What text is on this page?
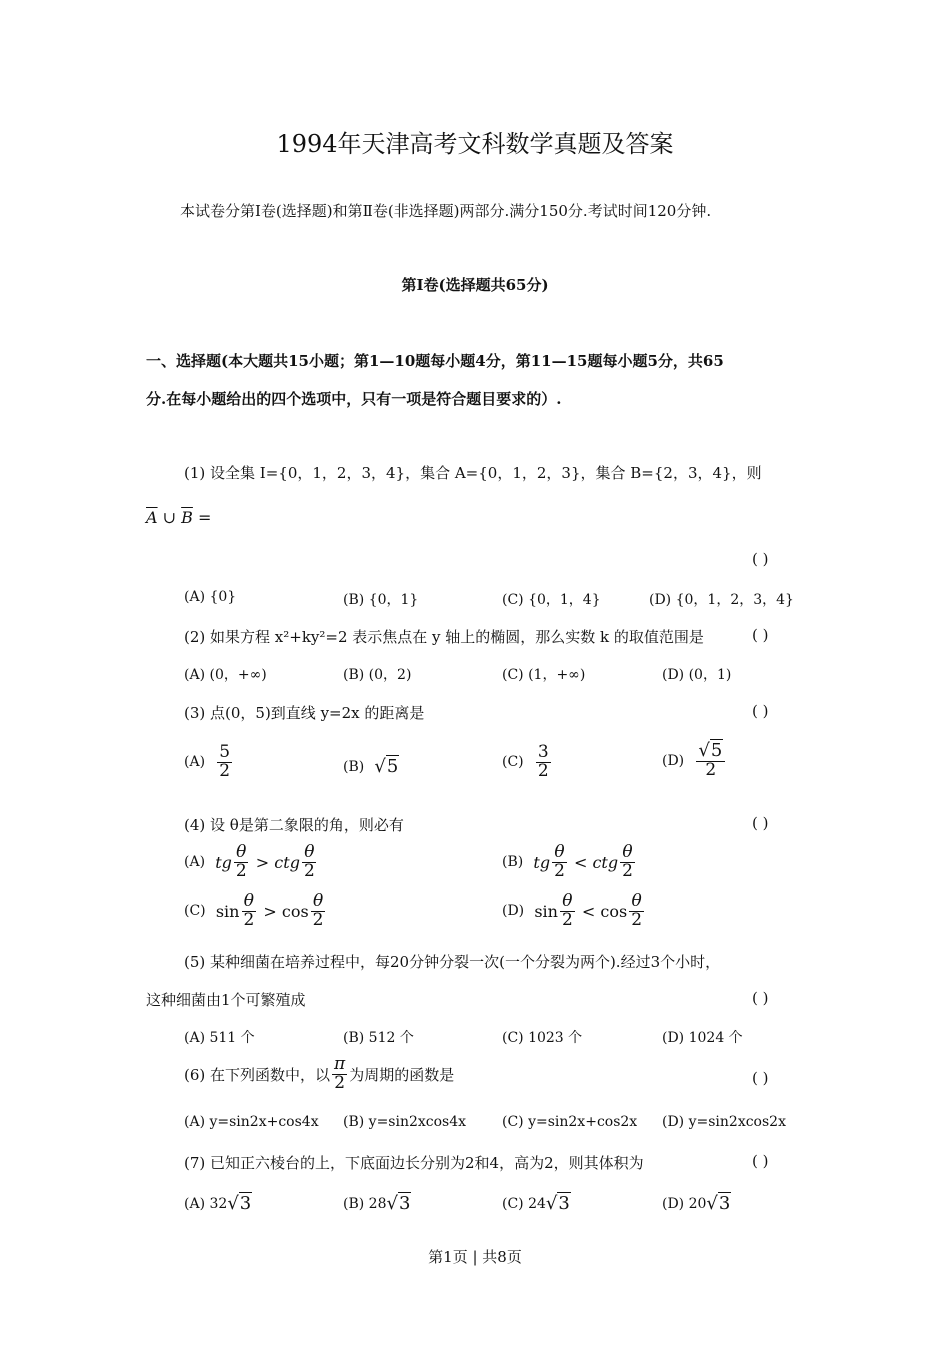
1994年天津高考文科数学真题及答案
本试卷分第Ⅰ卷(选择题)和第Ⅱ卷(非选择题)两部分.满分150分.考试时间120分钟.
第Ⅰ卷(选择题共65分)
一、选择题(本大题共15小题；第1—10题每小题4分，第11—15题每小题5分，共65
分.在每小题给出的四个选项中，只有一项是符合题目要求的）.
(1) 设全集 I={0，1，2，3，4}，集合 A={0，1，2，3}，集合 B={2，3，4}，则
$\overline{A}$ ∪ $\overline{B}$ =
( )
(A) {0}	(B) {0，1}	(C) {0，1，4}	(D) {0，1，2，3，4}
(2) 如果方程 x²+ky²=2 表示焦点在 y 轴上的椭圆，那么实数 k 的取值范围是	( )
(A) (0，+∞)	(B) (0，2)	(C) (1，+∞)	(D) (0，1)
(3) 点(0，5)到直线 y=2x 的距离是	( )
(A)
$\frac{5}{2}$	(B)
√5	(C)
$\frac{3}{2}$	(D)
$\frac{√5}{2}$
(4) 设 θ是第二象限的角，则必有	( )
(A)
tg $\frac{\theta}{2}$ > ctg $\frac{\theta}{2}$	(B)
tg $\frac{\theta}{2}$ < ctg $\frac{\theta}{2}$
(C)
$\sin \frac{\theta}{2} > \cos \frac{\theta}{2}$	(D)
$\sin \frac{\theta}{2} < \cos \frac{\theta}{2}$
(5) 某种细菌在培养过程中，每20分钟分裂一次(一个分裂为两个).经过3个小时，
这种细菌由1个可繁殖成	( )
(A) 511 个	(B) 512 个	(C) 1023 个	(D) 1024 个
(6) 在下列函数中，以 $\frac{\pi}{2}$ 为周期的函数是	( )
(A) y=sin2x+cos4x (B) y=sin2xcos4x	(C) y=sin2x+cos2x (D) y=sin2xcos2x
(7) 已知正六棱台的上，下底面边长分别为2和4，高为2，则其体积为	( )
(A) 32 √3	(B) 28 √3	(C) 24 √3	(D) 20 √3
第1页 | 共8页
